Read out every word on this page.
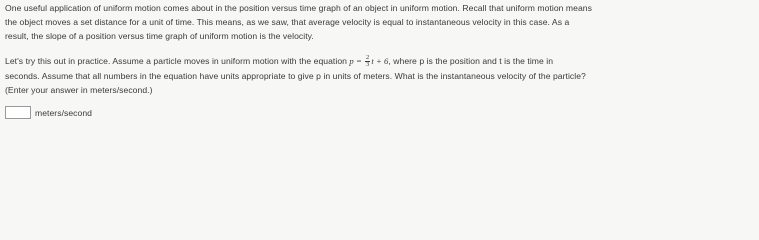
One useful application of uniform motion comes about in the position versus time graph of an object in uniform motion. Recall that uniform motion means
the object moves a set distance for a unit of time. This means, as we saw, that average velocity is equal to instantaneous velocity in this case. As a
result, the slope of a position versus time graph of uniform motion is the velocity.
Let's try this out in practice. Assume a particle moves in uniform motion with the equation $p = \frac{2}{3}$ t + 6, where p is the position and t is the time in
seconds. Assume that all numbers in the equation have units appropriate to give p in units of meters. What is the instantaneous velocity of the particle?
(Enter your answer in meters/second.)
meters/second
